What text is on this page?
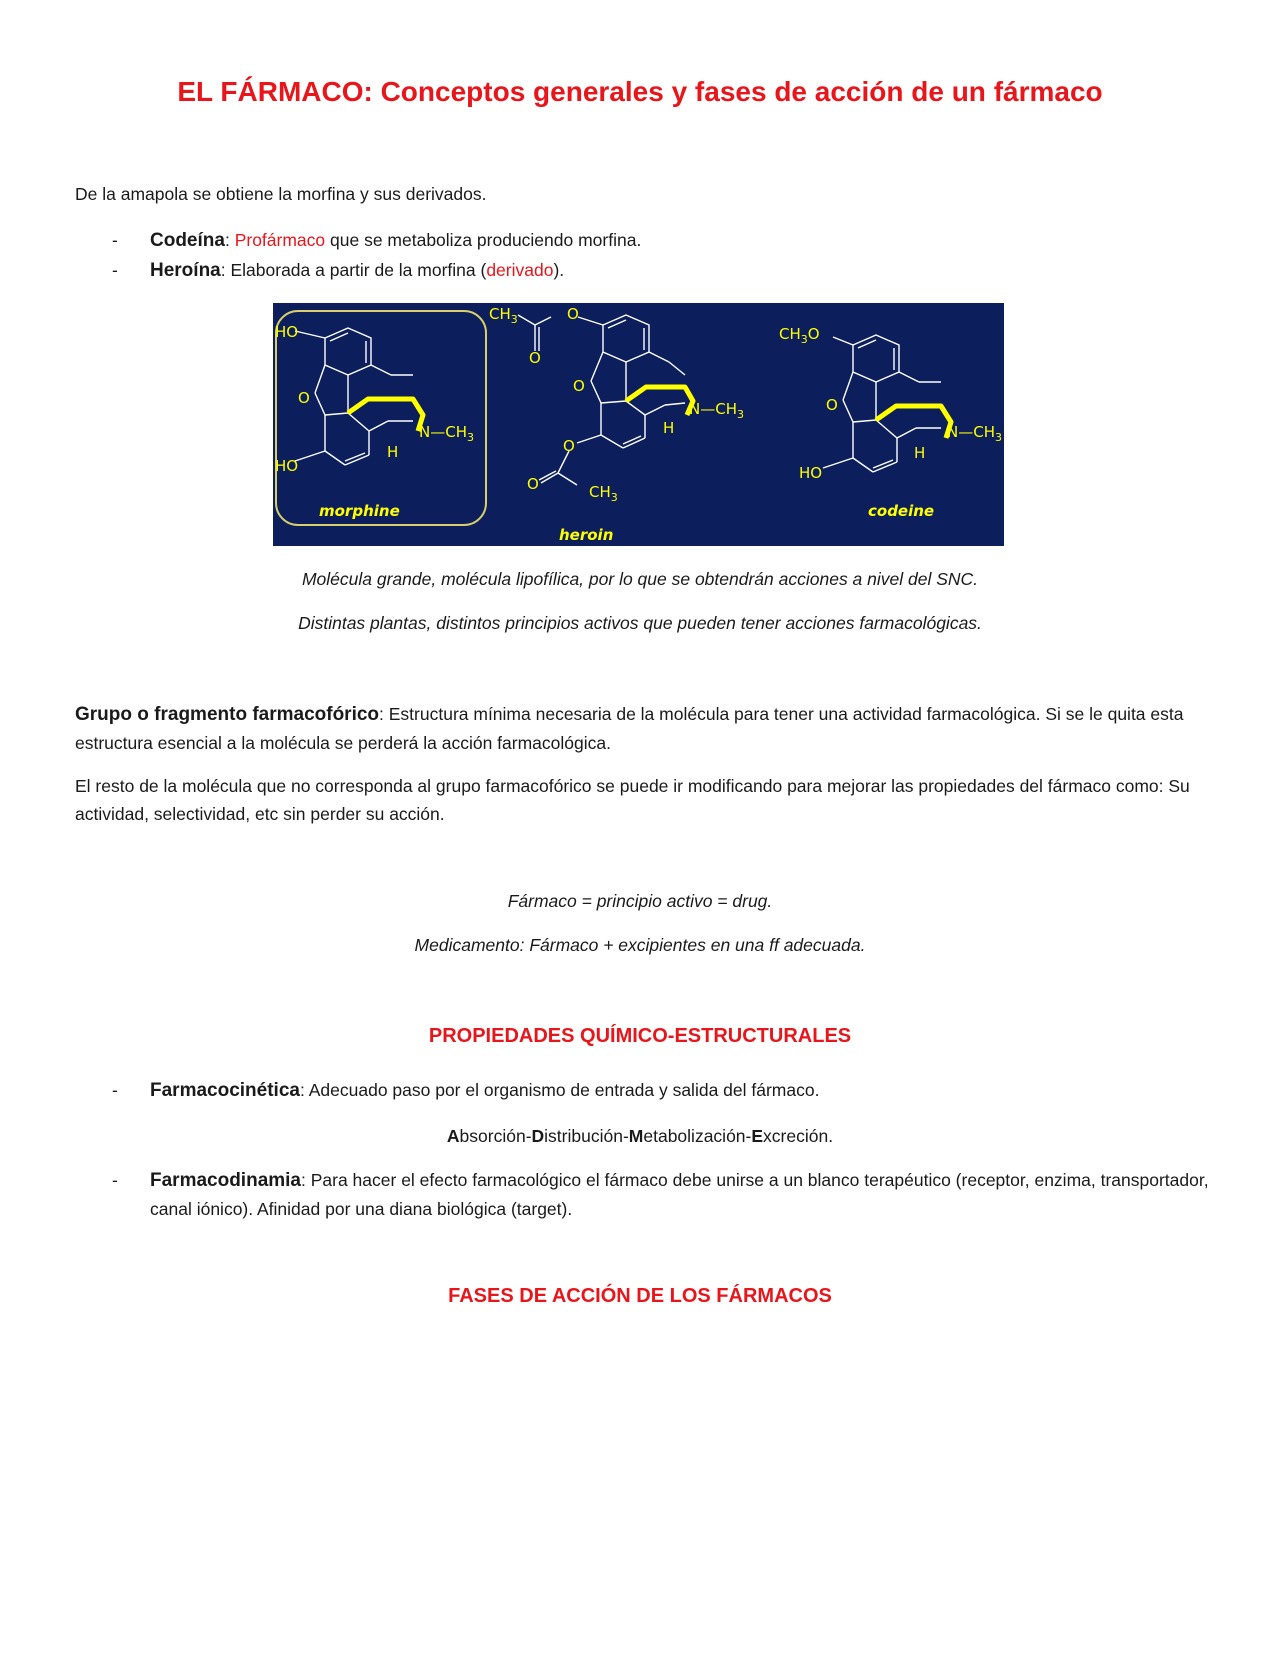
EL FÁRMACO: Conceptos generales y fases de acción de un fármaco

De la amapola se obtiene la morfina y sus derivados.

- Codeína: Profármaco que se metaboliza produciendo morfina.

- Heroína: Elaborada a partir de la morfina (derivado).

HO
O
$N—CH_3$
H
HO
$CH_3$	O
O
O
$N—CH_3$
H
O
O	$CH_3$
$CH_3O$
O
$N—CH_3$
H
HO
morphine
heroin
codeine

Molécula grande, molécula lipofílica, por lo que se obtendrán acciones a nivel del SNC.

Distintas plantas, distintos principios activos que pueden tener acciones farmacológicas.

Grupo o fragmento farmacofórico: Estructura mínima necesaria de la molécula para tener una actividad farmacológica. Si se le quita esta estructura esencial a la molécula se perderá la acción farmacológica.

El resto de la molécula que no corresponda al grupo farmacofórico se puede ir modificando para mejorar las propiedades del fármaco como: Su actividad, selectividad, etc sin perder su acción.

Fármaco = principio activo = drug.

Medicamento: Fármaco + excipientes en una ff adecuada.

PROPIEDADES QUÍMICO-ESTRUCTURALES
- Farmacocinética: Adecuado paso por el organismo de entrada y salida del fármaco.

Absorción-Distribución-Metabolización-Excreción.

- Farmacodinamia: Para hacer el efecto farmacológico el fármaco debe unirse a un blanco terapéutico (receptor, enzima, transportador, canal iónico). Afinidad por una diana biológica (target).

FASES DE ACCIÓN DE LOS FÁRMACOS
